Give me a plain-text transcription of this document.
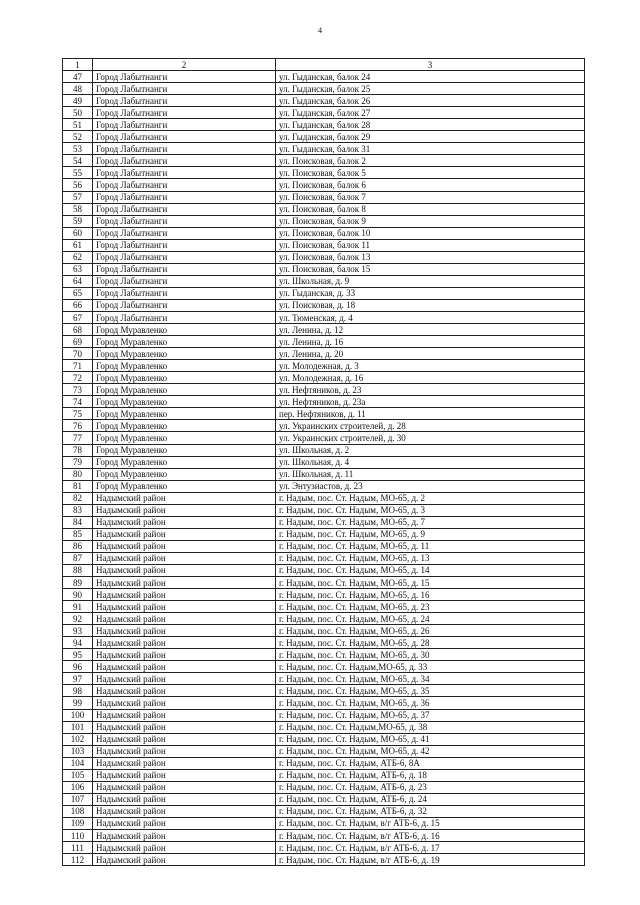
4
1	2	3
47	Город Лабытнанги	ул. Гыданская, балок 24
48	Город Лабытнанги	ул. Гыданская, балок 25
49	Город Лабытнанги	ул. Гыданская, балок 26
50	Город Лабытнанги	ул. Гыданская, балок 27
51	Город Лабытнанги	ул. Гыданская, балок 28
52	Город Лабытнанги	ул. Гыданская, балок 29
53	Город Лабытнанги	ул. Гыданская, балок 31
54	Город Лабытнанги	ул. Поисковая, балок 2
55	Город Лабытнанги	ул. Поисковая, балок 5
56	Город Лабытнанги	ул. Поисковая, балок 6
57	Город Лабытнанги	ул. Поисковая, балок 7
58	Город Лабытнанги	ул. Поисковая, балок 8
59	Город Лабытнанги	ул. Поисковая, балок 9
60	Город Лабытнанги	ул. Поисковая, балок 10
61	Город Лабытнанги	ул. Поисковая, балок 11
62	Город Лабытнанги	ул. Поисковая, балок 13
63	Город Лабытнанги	ул. Поисковая, балок 15
64	Город Лабытнанги	ул. Школьная, д. 9
65	Город Лабытнанги	ул. Гыданская, д. 33
66	Город Лабытнанги	ул. Поисковая, д. 18
67	Город Лабытнанги	ул. Тюменская, д. 4
68	Город Муравленко	ул. Ленина, д. 12
69	Город Муравленко	ул. Ленина, д. 16
70	Город Муравленко	ул. Ленина, д. 20
71	Город Муравленко	ул. Молодежная, д. 3
72	Город Муравленко	ул. Молодежная, д. 16
73	Город Муравленко	ул. Нефтяников, д. 23
74	Город Муравленко	ул. Нефтяников, д. 23а
75	Город Муравленко	пер. Нефтяников, д. 11
76	Город Муравленко	ул. Украинских строителей, д. 28
77	Город Муравленко	ул. Украинских строителей, д. 30
78	Город Муравленко	ул. Школьная, д. 2
79	Город Муравленко	ул. Школьная, д. 4
80	Город Муравленко	ул. Школьная, д. 11
81	Город Муравленко	ул. Энтузиастов, д. 23
82	Надымский район	г. Надым, пос. Ст. Надым, МО-65, д. 2
83	Надымский район	г. Надым, пос. Ст. Надым, МО-65, д. 3
84	Надымский район	г. Надым, пос. Ст. Надым, МО-65, д. 7
85	Надымский район	г. Надым, пос. Ст. Надым, МО-65, д. 9
86	Надымский район	г. Надым, пос. Ст. Надым, МО-65, д. 11
87	Надымский район	г. Надым, пос. Ст. Надым, МО-65, д. 13
88	Надымский район	г. Надым, пос. Ст. Надым, МО-65, д. 14
89	Надымский район	г. Надым, пос. Ст. Надым, МО-65, д. 15
90	Надымский район	г. Надым, пос. Ст. Надым, МО-65, д. 16
91	Надымский район	г. Надым, пос. Ст. Надым, МО-65, д. 23
92	Надымский район	г. Надым, пос. Ст. Надым, МО-65, д. 24
93	Надымский район	г. Надым, пос. Ст. Надым, МО-65, д. 26
94	Надымский район	г. Надым, пос. Ст. Надым, МО-65, д. 28
95	Надымский район	г. Надым, пос. Ст. Надым, МО-65, д. 30
96	Надымский район	г. Надым, пос. Ст. Надым,МО-65, д. 33
97	Надымский район	г. Надым, пос. Ст. Надым, МО-65, д. 34
98	Надымский район	г. Надым, пос. Ст. Надым, МО-65, д. 35
99	Надымский район	г. Надым, пос. Ст. Надым, МО-65, д. 36
100	Надымский район	г. Надым, пос. Ст. Надым, МО-65, д. 37
101	Надымский район	г. Надым, пос. Ст. Надым,МО-65, д. 38
102	Надымский район	г. Надым, пос. Ст. Надым, МО-65, д. 41
103	Надымский район	г. Надым, пос. Ст. Надым, МО-65, д. 42
104	Надымский район	г. Надым, пос. Ст. Надым, АТБ-6, 8А
105	Надымский район	г. Надым, пос. Ст. Надым, АТБ-6, д. 18
106	Надымский район	г. Надым, пос. Ст. Надым, АТБ-6, д. 23
107	Надымский район	г. Надым, пос. Ст. Надым, АТБ-6, д. 24
108	Надымский район	г. Надым, пос. Ст. Надым, АТБ-6, д. 32
109	Надымский район	г. Надым, пос. Ст. Надым, в/г АТБ-6, д. 15
110	Надымский район	г. Надым, пос. Ст. Надым, в/г АТБ-6, д. 16
111	Надымский район	г. Надым, пос. Ст. Надым, в/г АТБ-6, д. 17
112	Надымский район	г. Надым, пос. Ст. Надым, в/г АТБ-6, д. 19
